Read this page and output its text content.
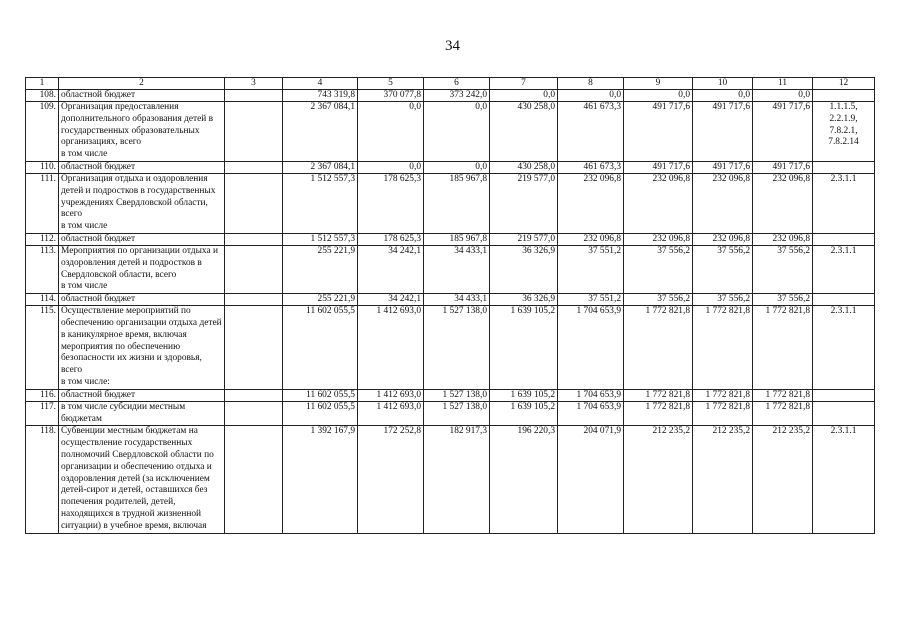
34
1	2	3	4	5	6	7	8	9	10	11	12
108.	областной бюджет		743 319,8	370 077,8	373 242,0	0,0	0,0	0,0	0,0	0,0	
109.	Организация предоставления дополнительного образования детей в государственных образовательных организациях, всего
в том числе		2 367 084,1	0,0	0,0	430 258,0	461 673,3	491 717,6	491 717,6	491 717,6	1.1.1.5, 2.2.1.9, 7.8.2.1, 7.8.2.14
110.	областной бюджет		2 367 084,1	0,0	0,0	430 258,0	461 673,3	491 717,6	491 717,6	491 717,6	
111.	Организация отдыха и оздоровления детей и подростков в государственных учреждениях Свердловской области, всего
в том числе		1 512 557,3	178 625,3	185 967,8	219 577,0	232 096,8	232 096,8	232 096,8	232 096,8	2.3.1.1
112.	областной бюджет		1 512 557,3	178 625,3	185 967,8	219 577,0	232 096,8	232 096,8	232 096,8	232 096,8	
113.	Мероприятия по организации отдыха и оздоровления детей и подростков в Свердловской области, всего
в том числе		255 221,9	34 242,1	34 433,1	36 326,9	37 551,2	37 556,2	37 556,2	37 556,2	2.3.1.1
114.	областной бюджет		255 221,9	34 242,1	34 433,1	36 326,9	37 551,2	37 556,2	37 556,2	37 556,2	
115.	Осуществление мероприятий по обеспечению организации отдыха детей в каникулярное время, включая мероприятия по обеспечению безопасности их жизни и здоровья, всего
в том числе:		11 602 055,5	1 412 693,0	1 527 138,0	1 639 105,2	1 704 653,9	1 772 821,8	1 772 821,8	1 772 821,8	2.3.1.1
116.	областной бюджет		11 602 055,5	1 412 693,0	1 527 138,0	1 639 105,2	1 704 653,9	1 772 821,8	1 772 821,8	1 772 821,8	
117.	в том числе субсидии местным бюджетам		11 602 055,5	1 412 693,0	1 527 138,0	1 639 105,2	1 704 653,9	1 772 821,8	1 772 821,8	1 772 821,8	
118.	Субвенции местным бюджетам на осуществление государственных полномочий Свердловской области по организации и обеспечению отдыха и оздоровления детей (за исключением детей-сирот и детей, оставшихся без попечения родителей, детей, находящихся в трудной жизненной ситуации) в учебное время, включая		1 392 167,9	172 252,8	182 917,3	196 220,3	204 071,9	212 235,2	212 235,2	212 235,2	2.3.1.1
